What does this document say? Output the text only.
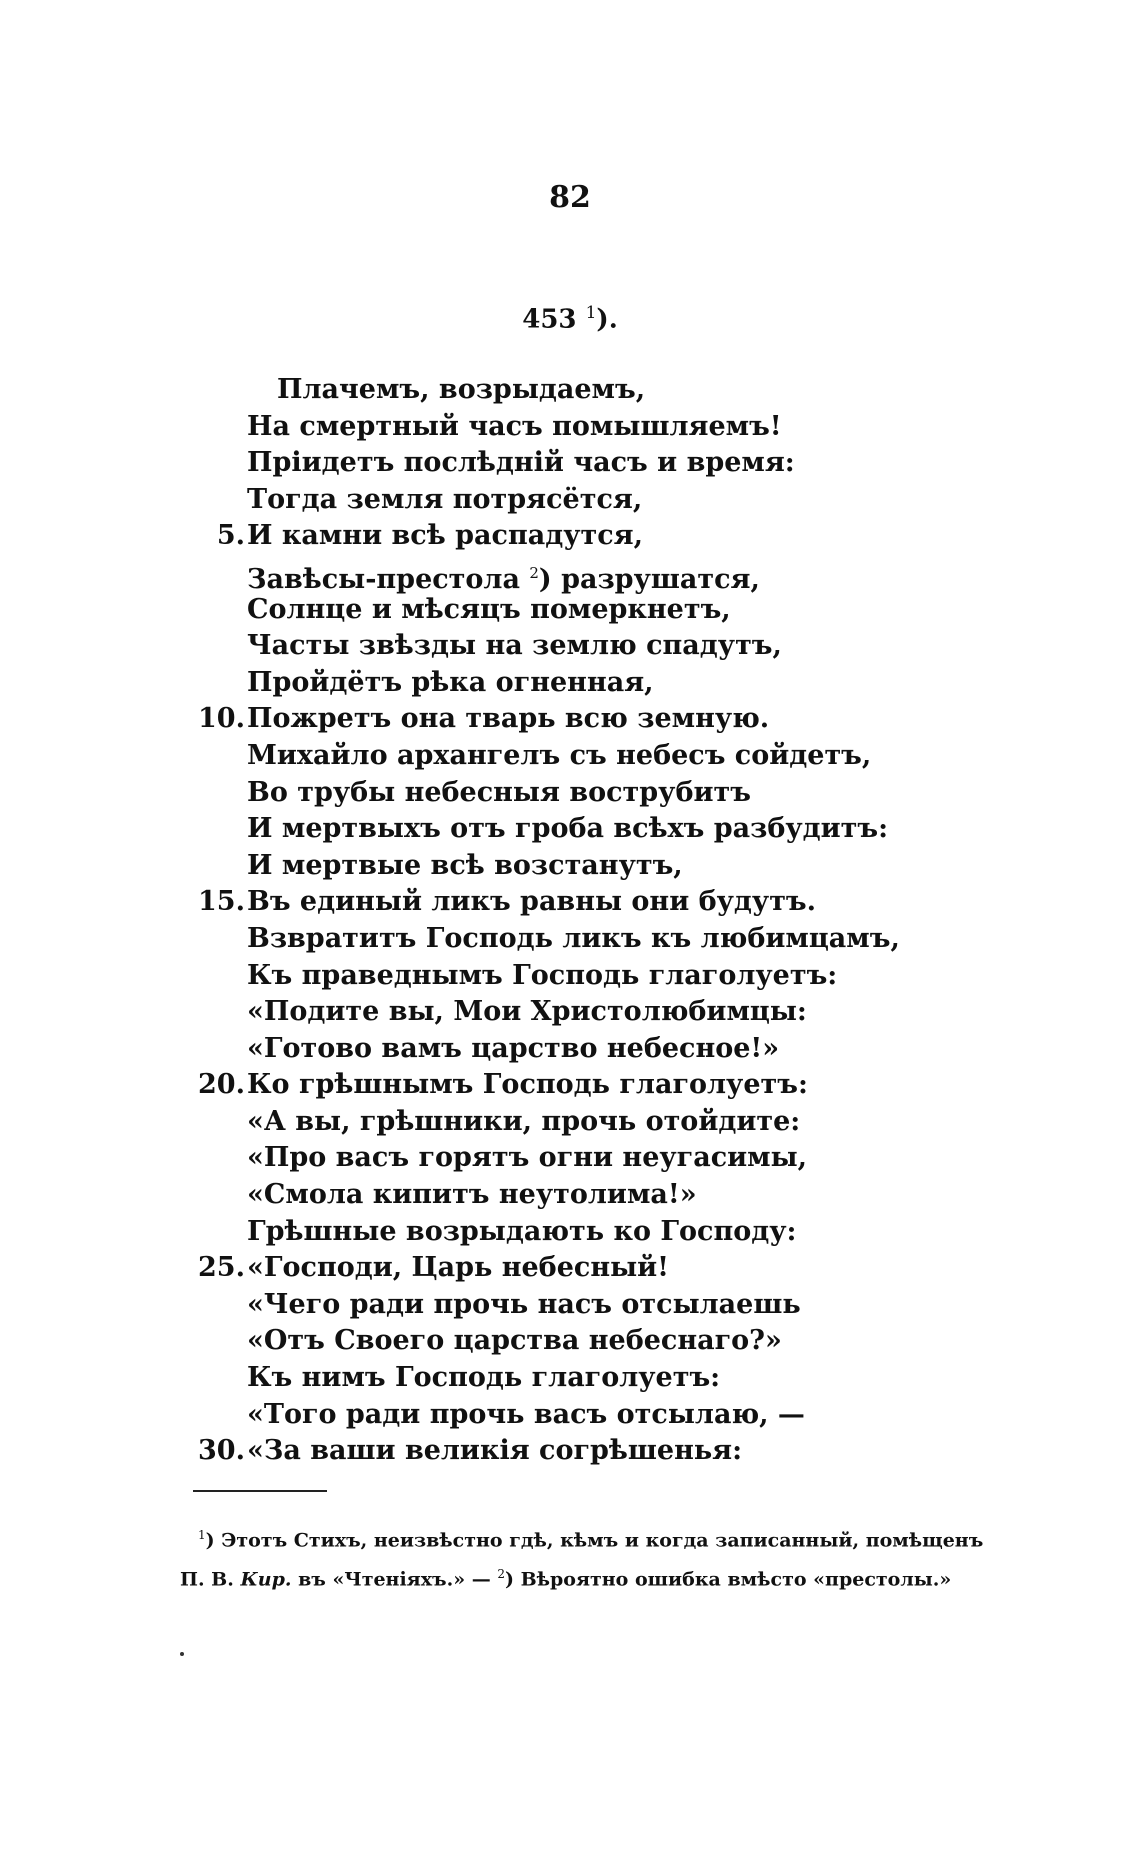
82
453 $^1$).
Плачемъ, возрыдаемъ,
На смертный часъ помышляемъ!
Пріидетъ послѣдній часъ и время:
Тогда земля потрясётся,
5. И камни всѣ распадутся,
Завѣсы-престола $^2$) разрушатся,
Солнце и мѣсяцъ померкнетъ,
Часты звѣзды на землю спадутъ,
Пройдётъ рѣка огненная,
10. Пожретъ она тварь всю земную.
Михайло архангелъ съ небесъ сойдетъ,
Во трубы небесныя вострубитъ
И мертвыхъ отъ гроба всѣхъ разбудитъ:
И мертвые всѣ возстанутъ,
15. Въ единый ликъ равны они будутъ.
Взвратитъ Господь ликъ къ любимцамъ,
Къ праведнымъ Господь глаголуетъ:
«Подите вы, Мои Христолюбимцы:
«Готово вамъ царство небесное!»
20. Ко грѣшнымъ Господь глаголуетъ:
«А вы, грѣшники, прочь отойдите:
«Про васъ горятъ огни неугасимы,
«Смола кипитъ неутолима!»
Грѣшные возрыдають ко Господу:
25. «Господи, Царь небесный!
«Чего ради прочь насъ отсылаешь
«Отъ Своего царства небеснаго?»
Къ нимъ Господь глаголуетъ:
«Того ради прочь васъ отсылаю, —
30. «За ваши великія согрѣшенья:
$^1$) Этотъ Стихъ, неизвѣстно гдѣ, кѣмъ и когда записанный, помѣщенъ
П. В. Кир. въ «Чтеніяхъ.» — $^2$) Вѣроятно ошибка вмѣсто «престолы.»
